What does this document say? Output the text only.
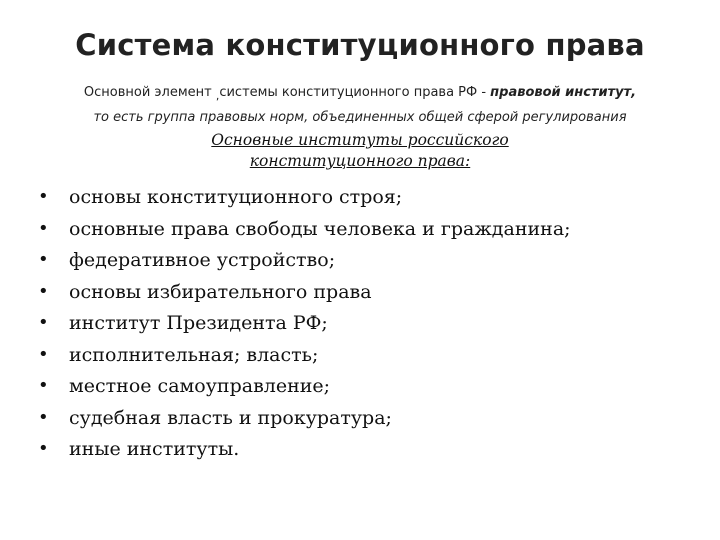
Система конституционного права
Основной элемент $_,$системы конституционного права РФ - правовой институт,
то есть группа правовых норм, объединенных общей сферой регулирования
Основные институты российского
конституционного права:
• основы конституционного строя;
• основные права свободы человека и гражданина;
• федеративное устройство;
• основы избирательного права
• институт Президента РФ;
• исполнительная; власть;
• местное самоуправление;
• судебная власть и прокуратура;
• иные институты.
